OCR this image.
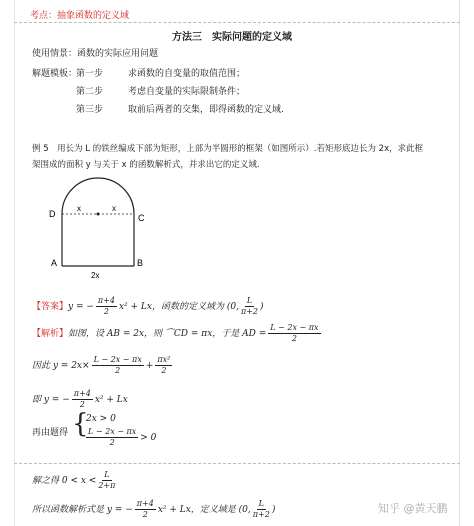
考点：抽象函数的定义域
方法三　实际问题的定义域
使用情景：函数的实际应用问题
解题模板：
第一步	求函数的自变量的取值范围；
第二步	考虑自变量的实际限制条件；
第三步	取前后两者的交集，即得函数的定义域.
例 5　用长为 L 的铁丝编成下部为矩形，上部为半圆形的框架（如图所示）.若矩形底边长为 2x，求此框
架围成的面积 y 与关于 x 的函数解析式，并求出它的定义域.
D	C
A	B
x	x
2x
【答案】y = − $\frac{\pi+4}{2} x^2 + Lx$，函数的定义域为 (0, $\frac{L}{\pi+2}$ )
【解析】如图，设 AB = 2x，则 ⌒CD = πx，于是 AD = $\frac{L - 2x - \pi x}{2}$
因此 $y = 2x\times \frac{L - 2x - \pi x}{2} + \frac{\text{πx²}}{2}$
即 y = − $\frac{\pi+4}{2} x^2 + Lx$
再由题得 {
2x > 0
$\frac{L - 2x - \pi x}{2} > 0$
解之得 $0 < x < \frac{L}{2+\pi}$
所以函数解析式是 y = − $\frac{\pi+4}{2} x^2 + Lx$，定义域是 (0, $\frac{L}{\pi+2}$ )	知乎 @黄天鹏
